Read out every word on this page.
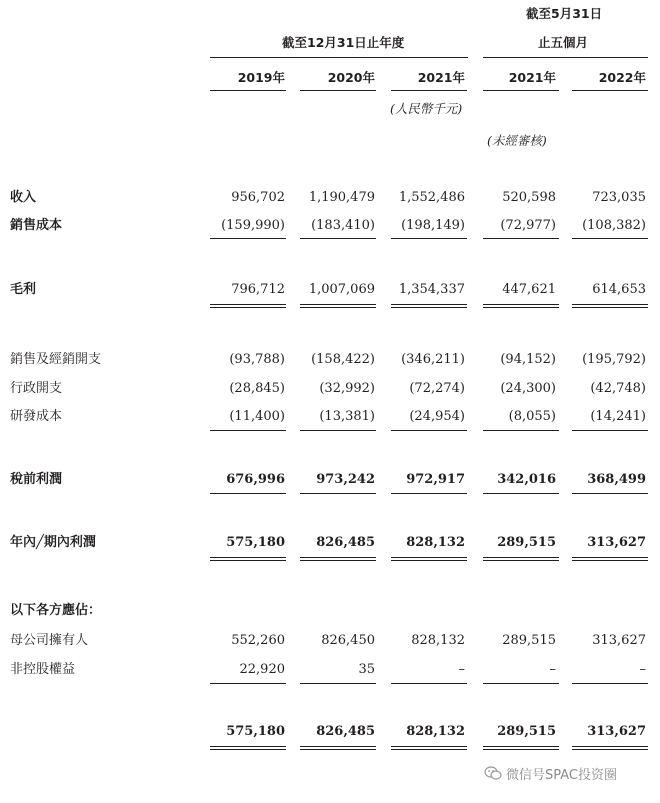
截至12月31日止年度
截至5月31日
止五個月
2019年	2020年	2021年	2021年	2022年
(人民幣千元)
(未經審核)
收入	956,702	1,190,479	1,552,486	520,598	723,035
銷售成本	(159,990)	(183,410)	(198,149)	(72,977)	(108,382)
毛利	796,712	1,007,069	1,354,337	447,621	614,653
銷售及經銷開支	(93,788)	(158,422)	(346,211)	(94,152)	(195,792)
行政開支	(28,845)	(32,992)	(72,274)	(24,300)	(42,748)
研發成本	(11,400)	(13,381)	(24,954)	(8,055)	(14,241)
稅前利潤	676,996	973,242	972,917	342,016	368,499
年內╱期內利潤	575,180	826,485	828,132	289,515	313,627
以下各方應佔：
母公司擁有人	552,260	826,450	828,132	289,515	313,627
非控股權益	22,920	35	–	–	–
575,180	826,485	828,132	289,515	313,627
微信号SPAC投资圈
